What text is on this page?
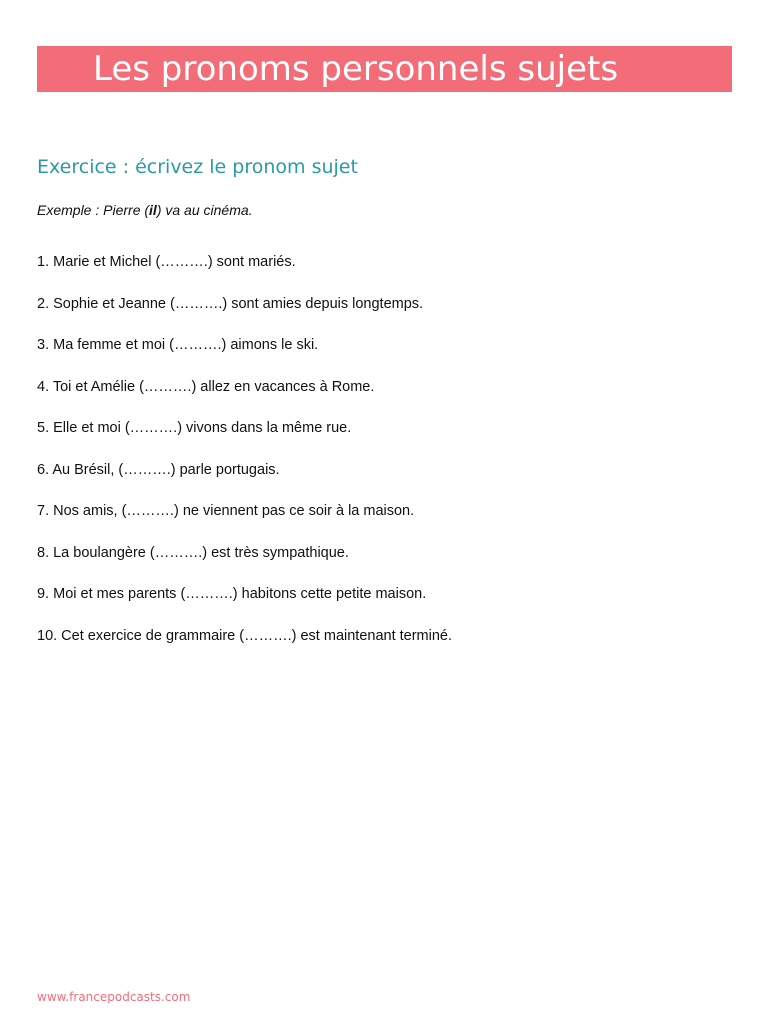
Les pronoms personnels sujets
Exercice : écrivez le pronom sujet
Exemple : Pierre (il) va au cinéma.
1. Marie et Michel (……….) sont mariés.
2. Sophie et Jeanne (……….) sont amies depuis longtemps.
3. Ma femme et moi (……….) aimons le ski.
4. Toi et Amélie (……….) allez en vacances à Rome.
5. Elle et moi (……….) vivons dans la même rue.
6. Au Brésil, (……….) parle portugais.
7. Nos amis, (……….) ne viennent pas ce soir à la maison.
8. La boulangère (……….) est très sympathique.
9. Moi et mes parents (……….) habitons cette petite maison.
10. Cet exercice de grammaire (……….) est maintenant terminé.
www.francepodcasts.com
